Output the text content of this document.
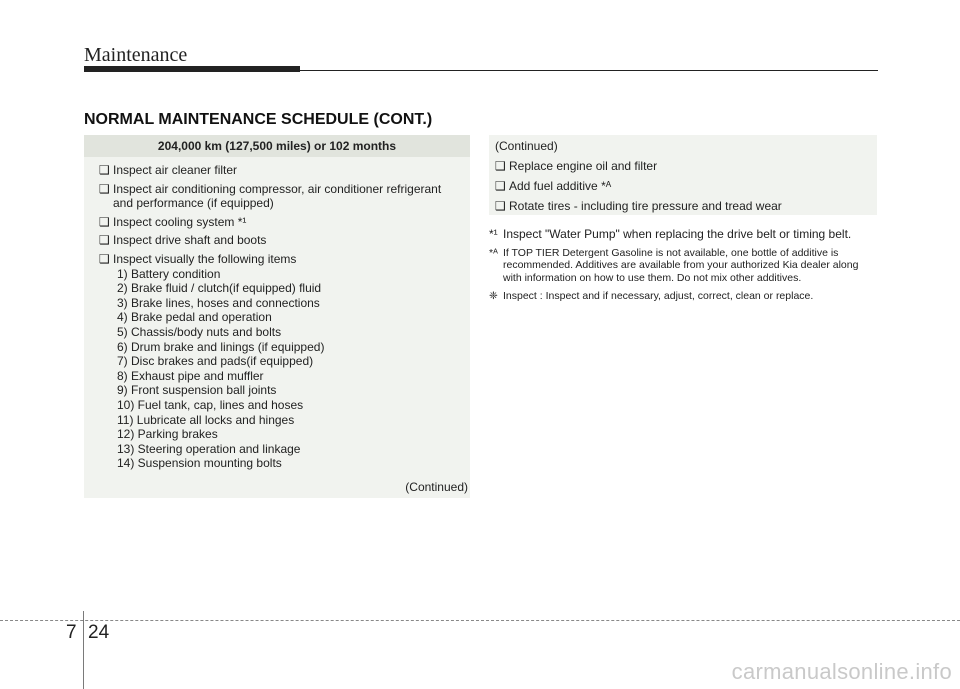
Maintenance
NORMAL MAINTENANCE SCHEDULE (CONT.)
204,000 km (127,500 miles) or 102 months
❑ Inspect air cleaner filter
❑ Inspect air conditioning compressor, air conditioner refrigerant and performance (if equipped)
❑ Inspect cooling system *¹
❑ Inspect drive shaft and boots
❑ Inspect visually the following items
1) Battery condition
2) Brake fluid / clutch(if equipped) fluid
3) Brake lines, hoses and connections
4) Brake pedal and operation
5) Chassis/body nuts and bolts
6) Drum brake and linings (if equipped)
7) Disc brakes and pads(if equipped)
8) Exhaust pipe and muffler
9) Front suspension ball joints
10) Fuel tank, cap, lines and hoses
11) Lubricate all locks and hinges
12) Parking brakes
13) Steering operation and linkage
14) Suspension mounting bolts
(Continued)
(Continued)
❑ Replace engine oil and filter
❑ Add fuel additive *ᴬ
❑ Rotate tires - including tire pressure and tread wear
*¹ Inspect "Water Pump" when replacing the drive belt or timing belt.
*ᴬ If TOP TIER Detergent Gasoline is not available, one bottle of additive is recommended. Additives are available from your authorized Kia dealer along with information on how to use them. Do not mix other additives.
❈ Inspect : Inspect and if necessary, adjust, correct, clean or replace.
7 24
carmanualsonline.info
